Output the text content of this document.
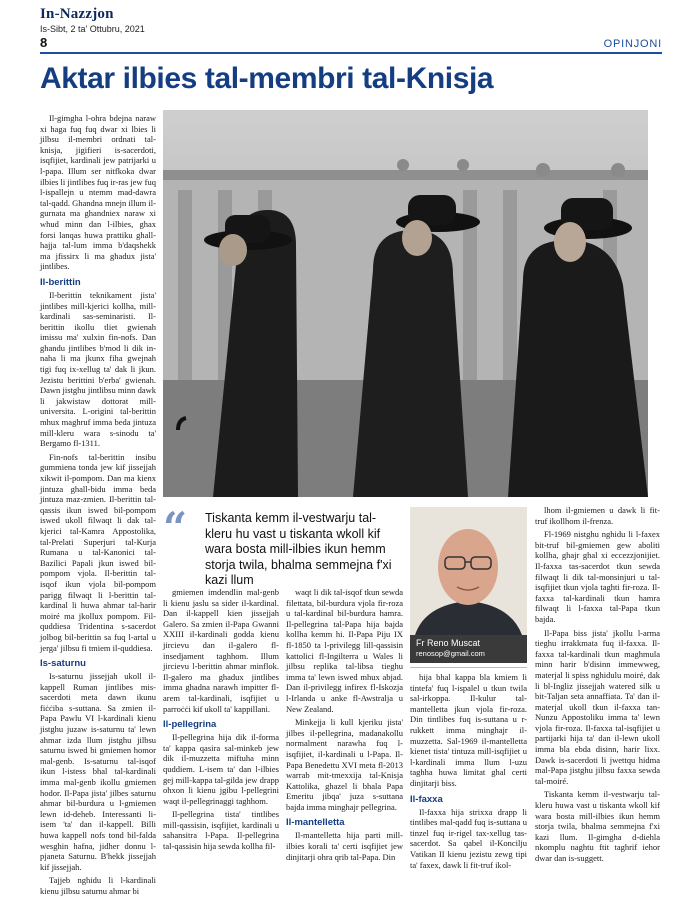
In-Nazzjon
Is-Sibt, 2 ta' Ottubru, 2021
8	OPINJONI
Aktar ilbies tal-membri tal-Knisja

Il-gimgha l-ohra bdejna naraw xi haga fuq fuq dwar xi lbies li jilbsu il-membri ordnati tal-knisja, jigifieri is-sacerdoti, isqfijiet, kardinali jew patrijarki u l-papa. Illum ser nitfkoka dwar ilbies li jintlibes fuq ir-ras jew fuq l-ispallejn u ntemm mad-dawra tal-qadd. Ghandna mnejn illum il-gurnata ma ghandniex naraw xi whud minn dan l-ilbies, ghax forsi lanqas huwa prattiku ghall-hajja tal-lum imma b'daqshekk ma jfissirx li ma ghadux jista' jintlibes.

Il-berittin

Il-berittin teknikament jista' jintlibes mill-kjerici kollha, mill-kardinali sas-seminaristi. Il-berittin ikollu tliet gwienah imissu ma' xulxin fin-nofs. Dan ghandu jintlibes b'mod li dik in-naha li ma jkunx fiha gwejnah tigi fuq ix-xellug ta' dak li jkun. Jezistu berittini b'erba' gwienah. Dawn jistghu jintlibsu minn dawk li jakwistaw dottorat mill-universita. L-origini tal-berittin mhux maghruf imma beda jintuza mill-kleru wara s-sinodu ta' Bergamo fl-1311.

Fin-nofs tal-berittin insibu gummiena tonda jew kif jissejjah xikwit il-pompom. Dan ma kienx jintuza ghall-bidu imma beda jintuza maz-zmien. Il-berittin tal-qassis ikun iswed bil-pompom iswed ukoll filwaqt li dak tal-kjerici tal-Kamra Appostolika, tal-Prelati Superjuri tal-Kurja Rumana u tal-Kanonici tal-Bazilici Papali jkun iswed bil-pompom vjola. Il-berittin tal-isqof ikun vjola bil-pompom parigg filwaqt li l-berittin tal-kardinal li huwa ahmar tal-harir moiré ma jkollux pompom. Fil-quddiesa Tridentina s-sacerdot jolbog bil-berittin sa fuq l-artal u jerga' jilbsu fi tmiem il-quddiesa.

Is-saturnu

Is-saturnu jissejjah ukoll il-kappell Ruman jintlibes mis-sacerdoti meta dawn ikunu fiċċiba s-suttana. Sa zmien il-Papa Pawlu VI l-kardinali kienu jistghu juzaw is-saturnu ta' lewn ahmar izda llum jistghu jilbsu saturnu iswed bi gmiemen homor mal-genb. Is-saturnu tal-isqof ikun l-istess bhal tal-kardinali imma mal-genb ikollu gmiemen hodor. Il-Papa jista' jilbes saturnu ahmar bil-burdura u l-gmiemen lewn id-deheb. Interessanti li-isem 'ta' dan il-kappell. Billi huwa kappell nofs tond bil-falda wesghin hafna, jidher donnu l-pjaneta Saturnu. B'hekk jissejjah kif jissejjah.

Tajjeb nghidu li l-kardinali kienu jilbsu saturnu ahmar bi

“ Tiskanta kemm il-vestwarju tal-kleru hu vast u tiskanta wkoll kif wara bosta mill-ilbies ikun hemm storja twila, bhalma semmejna f'xi kazi llum

gmiemen imdendlin mal-genb li kienu jaslu sa sider il-kardinal. Dan il-kappell kien jissejjah Galero. Sa zmien il-Papa Gwanni XXIII il-kardinali godda kienu jircievu dan il-galero fl-insedjament taghhom. Illum jircievu l-berittin ahmar minflok. Il-galero ma ghadux jintlibes imma ghadna narawh impitter fl-arem tal-kardinali, isqfijiet u parroċċi kif ukoll ta' kappillani.

Il-pellegrina

Il-pellegrina hija dik il-forma ta' kappa qasira sal-minkeb jew dik il-muzzetta miftuha minn quddiem. L-isem ta' dan l-ilbies gej mill-kappa tal-gilda jew drapp ohxon li kienu jgibu l-pellegrini waqt il-pellegrinaggi taghhom.

Il-pellegrina tista' tintlibes mill-qassisin, isqfijiet, kardinali u sahansitra l-Papa. Il-pellegrina tal-qassisin hija sewda kollha fil-

waqt li dik tal-isqof tkun sewda filettata, bil-burdura vjola fir-roza u tal-kardinal bil-burdura hamra. Il-pellegrina tal-Papa hija bajda kollha kemm hi. Il-Papa Piju IX fl-1850 ta l-privilegg lill-qassisin kattolici fl-Ingilterra u Wales li jilbsu replika tal-libsa tieghu imma ta' lewn iswed mhux abjad. Dan il-privilegg infirex fl-Iskozja l-Irlanda u anke fl-Awstralja u New Zealand.

Minkejja li kull kjeriku jista' jilbes il-pellegrina, madanakollu normalment narawha fuq l-isqfijiet, il-kardinali u l-Papa. Il-Papa Benedettu XVI meta fl-2013 warrab mit-tmexxija tal-Knisja Kattolika, ghazel li bhala Papa Emeritu jibqa' juza s-suttana bajda imma minghajr pellegrina.

Il-mantelletta

Il-mantelletta hija parti mill-ilbies korali ta' certi isqfijiet jew dinjitarji ohra qrib tal-Papa. Din

Fr Reno Muscat
renosop@gmail.com

hija bhal kappa bla kmiem li tintefa' fuq l-ispalel u tkun twila sal-irkoppa. Il-kulur tal-mantelletta jkun vjola fir-roza. Din tintlibes fuq is-suttana u r-rukkett imma minghajr il-muzzetta. Sal-1969 il-mantelletta kienet tista' tintuza mill-isqfijiet u l-kardinali imma llum l-uzu taghha huwa limitat ghal certi dinjitarji biss.

Il-faxxa

Il-faxxa hija strixxa drapp li tintlibes mal-qadd fuq is-suttana u tinzel fuq ir-rigel tax-xellug tas-sacerdot. Sa qabel il-Koncilju Vatikan II kienu jezistu zewg tipi ta' faxex, dawk li fit-truf ikol-

lhom il-gmiemen u dawk li fit-truf ikollhom il-frenza.

Fl-1969 nistghu nghidu li l-faxex bit-truf bil-gmiemen gew aboliti kollha, ghajr ghal xi eccezzjonijiet. Il-faxxa tas-sacerdot tkun sewda filwaqt li dik tal-monsinjuri u tal-isqfijiet tkun vjola taghti fir-roza. Il-faxxa tal-kardinali tkun hamra filwaqt li l-faxxa tal-Papa tkun bajda.

Il-Papa biss jista' jkollu l-arma tieghu irrakkmata fuq il-faxxa. Il-faxxa tal-kardinali tkun maghmula minn harir b'disinn immewweg, materjal li spiss nghidulu moiré, dak li bl-Ingliz jissejjah watered silk u bit-Taljan seta annaffiata. Ta' dan il-materjal ukoll tkun il-faxxa tan-Nunzu Appostoliku imma ta' lewn vjola fir-roza. Il-faxxa tal-isqfijiet u partijarki hija ta' dan il-lewn ukoll imma bla ebda disinn, harir lixx. Dawk is-sacerdoti li jwettqu hidma mal-Papa jistghu jilbsu faxxa sewda tal-moiré.

Tiskanta kemm il-vestwarju tal-kleru huwa vast u tiskanta wkoll kif wara bosta mill-ilbies ikun hemm storja twila, bhalma semmejna f'xi kazi llum. Il-gimgha d-diehla nkomplu naghtu ftit taghrif iehor dwar dan is-suggett.
